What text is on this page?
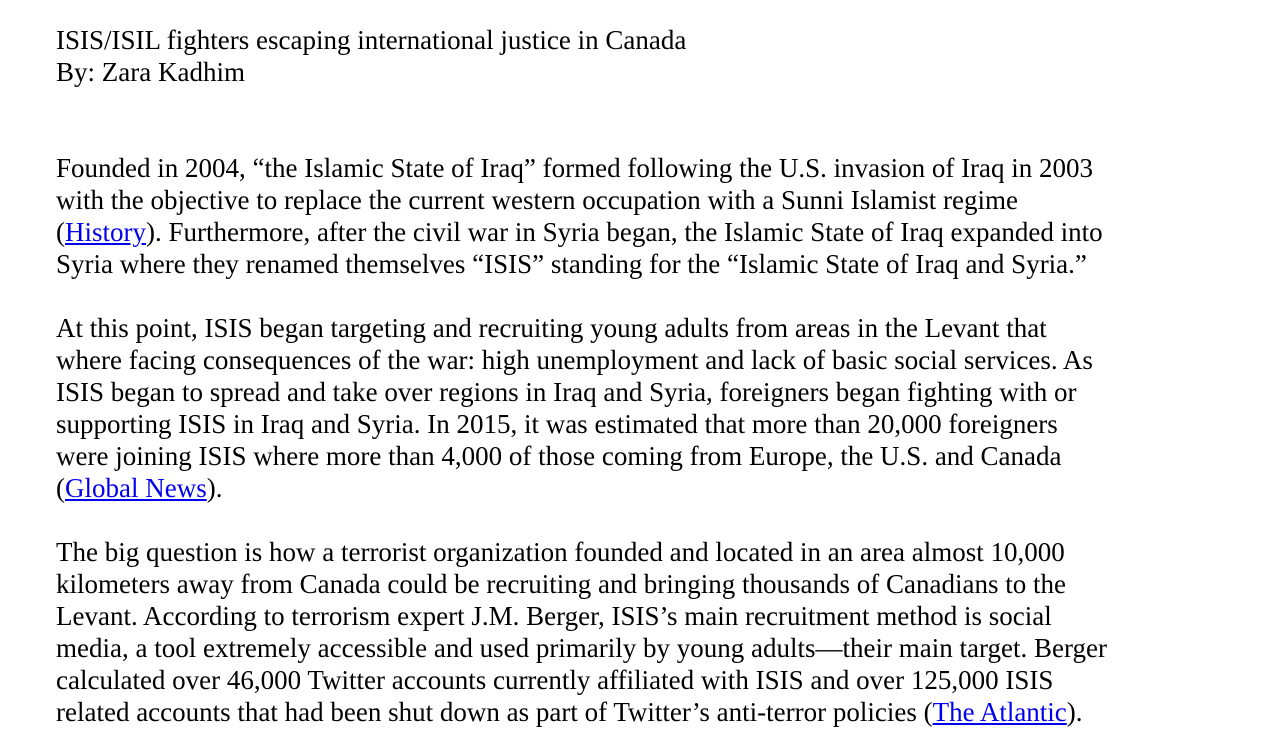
ISIS/ISIL fighters escaping international justice in Canada
By: Zara Kadhim
Founded in 2004, “the Islamic State of Iraq” formed following the U.S. invasion of Iraq in 2003
with the objective to replace the current western occupation with a Sunni Islamist regime
(History). Furthermore, after the civil war in Syria began, the Islamic State of Iraq expanded into
Syria where they renamed themselves “ISIS” standing for the “Islamic State of Iraq and Syria.”
At this point, ISIS began targeting and recruiting young adults from areas in the Levant that
where facing consequences of the war: high unemployment and lack of basic social services. As
ISIS began to spread and take over regions in Iraq and Syria, foreigners began fighting with or
supporting ISIS in Iraq and Syria. In 2015, it was estimated that more than 20,000 foreigners
were joining ISIS where more than 4,000 of those coming from Europe, the U.S. and Canada
(Global News).
The big question is how a terrorist organization founded and located in an area almost 10,000
kilometers away from Canada could be recruiting and bringing thousands of Canadians to the
Levant. According to terrorism expert J.M. Berger, ISIS’s main recruitment method is social
media, a tool extremely accessible and used primarily by young adults—their main target. Berger
calculated over 46,000 Twitter accounts currently affiliated with ISIS and over 125,000 ISIS
related accounts that had been shut down as part of Twitter’s anti-terror policies (The Atlantic).
